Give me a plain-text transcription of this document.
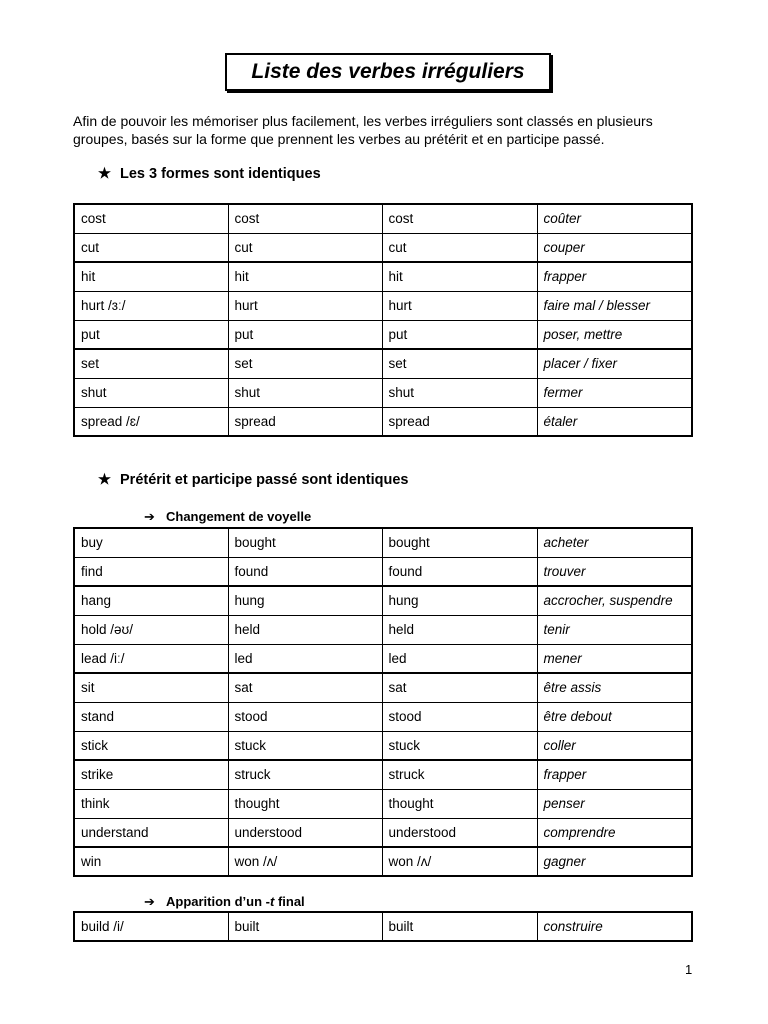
Liste des verbes irréguliers
Afin de pouvoir les mémoriser plus facilement, les verbes irréguliers sont classés en plusieurs groupes, basés sur la forme que prennent les verbes au prétérit et en participe passé.
★ Les 3 formes sont identiques
cost	cost	cost	coûter
cut	cut	cut	couper
hit	hit	hit	frapper
hurt /ɜː/	hurt	hurt	faire mal / blesser
put	put	put	poser, mettre
set	set	set	placer / fixer
shut	shut	shut	fermer
spread /ɛ/	spread	spread	étaler
★ Prétérit et participe passé sont identiques
➔ Changement de voyelle
buy	bought	bought	acheter
find	found	found	trouver
hang	hung	hung	accrocher, suspendre
hold /əʊ/	held	held	tenir
lead /iː/	led	led	mener
sit	sat	sat	être assis
stand	stood	stood	être debout
stick	stuck	stuck	coller
strike	struck	struck	frapper
think	thought	thought	penser
understand	understood	understood	comprendre
win	won /ʌ/	won /ʌ/	gagner
➔ Apparition d’un -t final
build /i/	built	built	construire
1
